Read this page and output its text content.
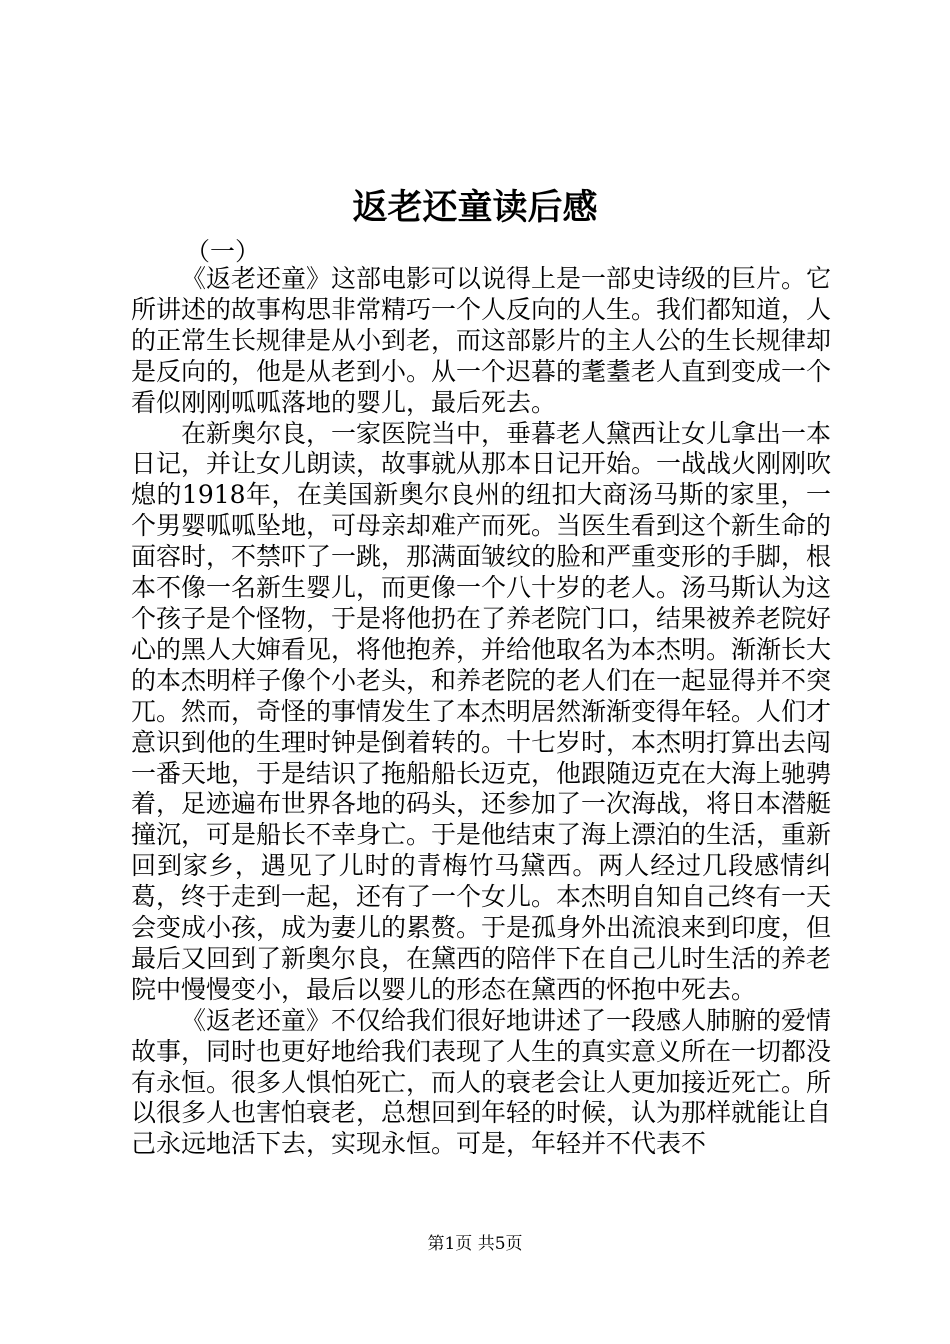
返老还童读后感
（一）

《返老还童》这部电影可以说得上是一部史诗级的巨片。它所讲述的故事构思非常精巧一个人反向的人生。我们都知道，人的正常生长规律是从小到老，而这部影片的主人公的生长规律却是反向的，他是从老到小。从一个迟暮的耄耋老人直到变成一个看似刚刚呱呱落地的婴儿，最后死去。

在新奥尔良，一家医院当中，垂暮老人黛西让女儿拿出一本日记，并让女儿朗读，故事就从那本日记开始。一战战火刚刚吹熄的1918年，在美国新奥尔良州的纽扣大商汤马斯的家里，一个男婴呱呱坠地，可母亲却难产而死。当医生看到这个新生命的面容时，不禁吓了一跳，那满面皱纹的脸和严重变形的手脚，根本不像一名新生婴儿，而更像一个八十岁的老人。汤马斯认为这个孩子是个怪物，于是将他扔在了养老院门口，结果被养老院好心的黑人大婶看见，将他抱养，并给他取名为本杰明。渐渐长大的本杰明样子像个小老头，和养老院的老人们在一起显得并不突兀。然而，奇怪的事情发生了本杰明居然渐渐变得年轻。人们才意识到他的生理时钟是倒着转的。十七岁时，本杰明打算出去闯一番天地，于是结识了拖船船长迈克，他跟随迈克在大海上驰骋着，足迹遍布世界各地的码头，还参加了一次海战，将日本潜艇撞沉，可是船长不幸身亡。于是他结束了海上漂泊的生活，重新回到家乡，遇见了儿时的青梅竹马黛西。两人经过几段感情纠葛，终于走到一起，还有了一个女儿。本杰明自知自己终有一天会变成小孩，成为妻儿的累赘。于是孤身外出流浪来到印度，但最后又回到了新奥尔良，在黛西的陪伴下在自己儿时生活的养老院中慢慢变小，最后以婴儿的形态在黛西的怀抱中死去。

《返老还童》不仅给我们很好地讲述了一段感人肺腑的爱情故事，同时也更好地给我们表现了人生的真实意义所在一切都没有永恒。很多人惧怕死亡，而人的衰老会让人更加接近死亡。所以很多人也害怕衰老，总想回到年轻的时候，认为那样就能让自己永远地活下去，实现永恒。可是，年轻并不代表不

第1页 共5页
